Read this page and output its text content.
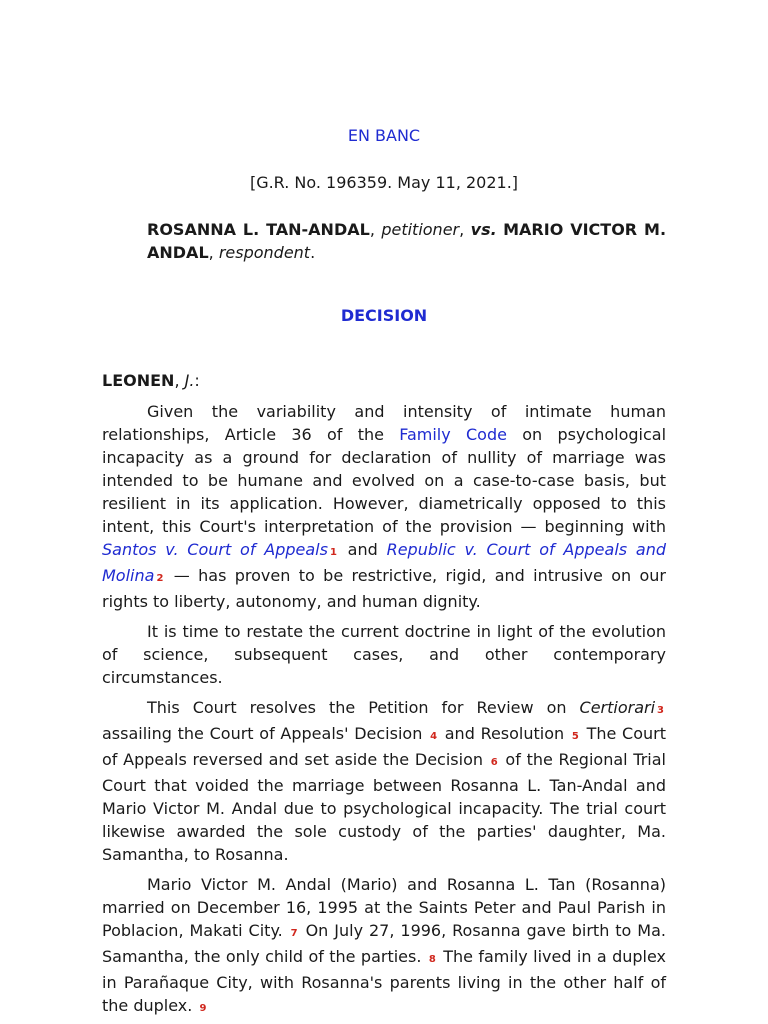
EN BANC
[G.R. No. 196359. May 11, 2021.]
ROSANNA L. TAN-ANDAL, petitioner, vs. MARIO VICTOR M. ANDAL, respondent.
DECISION
LEONEN, J.:

Given the variability and intensity of intimate human relationships, Article 36 of the Family Code on psychological incapacity as a ground for declaration of nullity of marriage was intended to be humane and evolved on a case-to-case basis, but resilient in its application. However, diametrically opposed to this intent, this Court's interpretation of the provision — beginning with Santos v. Court of Appeals 1 and Republic v. Court of Appeals and Molina 2 — has proven to be restrictive, rigid, and intrusive on our rights to liberty, autonomy, and human dignity.

It is time to restate the current doctrine in light of the evolution of science, subsequent cases, and other contemporary circumstances.

This Court resolves the Petition for Review on Certiorari 3 assailing the Court of Appeals' Decision 4 and Resolution 5 The Court of Appeals reversed and set aside the Decision 6 of the Regional Trial Court that voided the marriage between Rosanna L. Tan-Andal and Mario Victor M. Andal due to psychological incapacity. The trial court likewise awarded the sole custody of the parties' daughter, Ma. Samantha, to Rosanna.

Mario Victor M. Andal (Mario) and Rosanna L. Tan (Rosanna) married on December 16, 1995 at the Saints Peter and Paul Parish in Poblacion, Makati City. 7 On July 27, 1996, Rosanna gave birth to Ma. Samantha, the only child of the parties. 8 The family lived in a duplex in Parañaque City, with Rosanna's parents living in the other half of the duplex. 9
